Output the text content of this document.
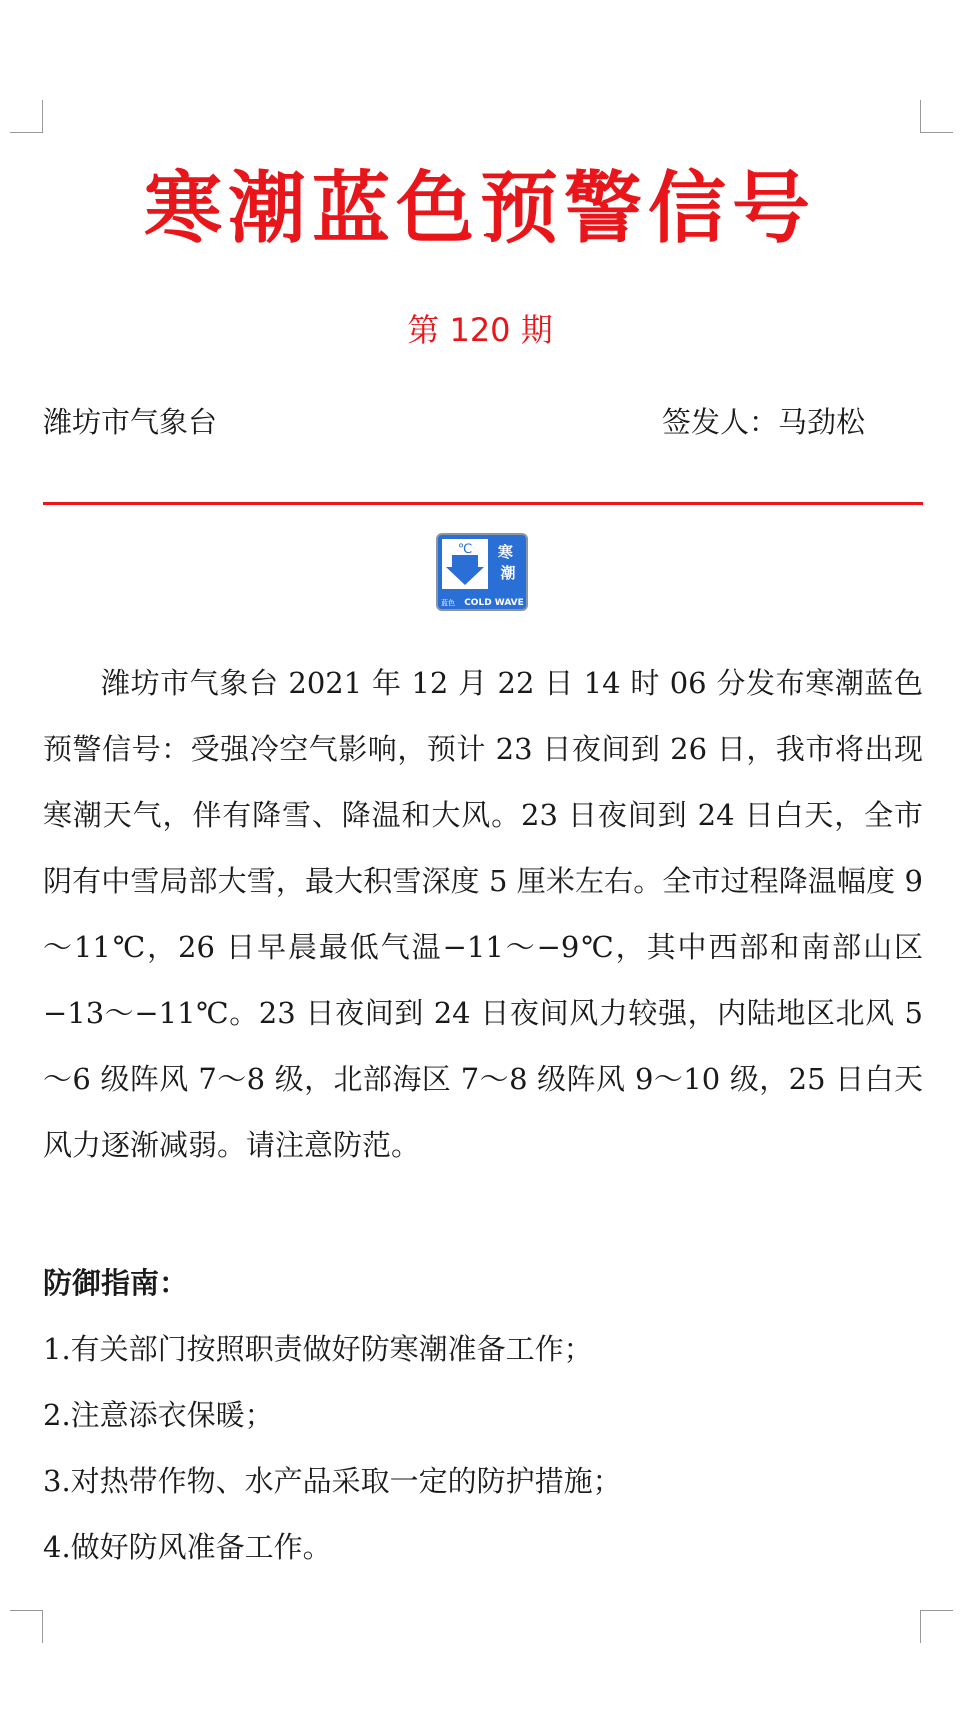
寒潮蓝色预警信号
第 120 期
潍坊市气象台	签发人：马劲松
℃ 寒 潮
蓝色 COLD WAVE

潍坊市气象台 2021 年 12 月 22 日 14 时 06 分发布寒潮蓝色预警信号：受强冷空气影响，预计 23 日夜间到 26 日，我市将出现寒潮天气，伴有降雪、降温和大风。23 日夜间到 24 日白天，全市阴有中雪局部大雪，最大积雪深度 5 厘米左右。全市过程降温幅度 9～11℃，26 日早晨最低气温−11～−9℃，其中西部和南部山区−13～−11℃。23 日夜间到 24 日夜间风力较强，内陆地区北风 5～6 级阵风 7～8 级，北部海区 7～8 级阵风 9～10 级，25 日白天风力逐渐减弱。请注意防范。

防御指南：
1.有关部门按照职责做好防寒潮准备工作；
2.注意添衣保暖；
3.对热带作物、水产品采取一定的防护措施；
4.做好防风准备工作。
